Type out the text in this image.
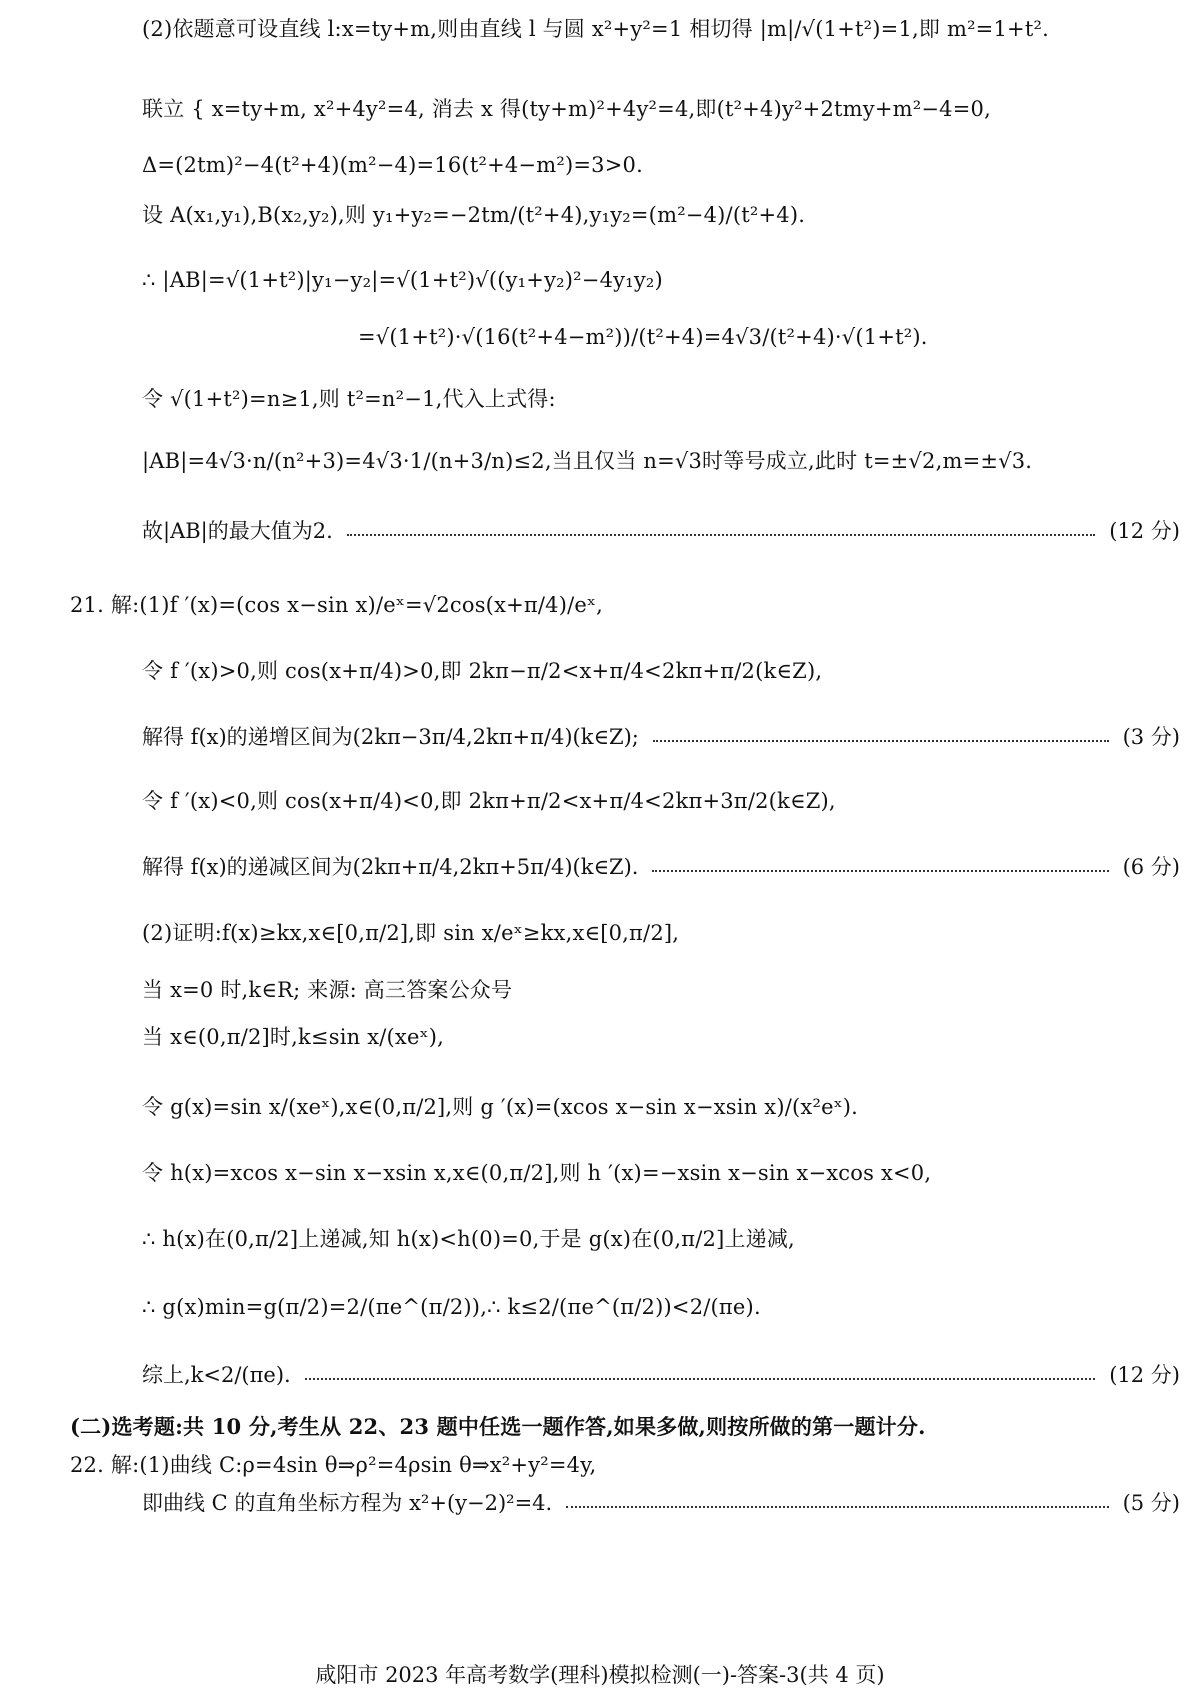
(2)依题意可设直线 l:x=ty+m,则由直线 l 与圆 x²+y²=1 相切得 |m|/√(1+t²)=1,即 m²=1+t².
联立 { x=ty+m, x²+4y²=4, 消去 x 得(ty+m)²+4y²=4,即(t²+4)y²+2tmy+m²−4=0,
Δ=(2tm)²−4(t²+4)(m²−4)=16(t²+4−m²)=3>0.
设 A(x₁,y₁),B(x₂,y₂),则 y₁+y₂=−2tm/(t²+4),y₁y₂=(m²−4)/(t²+4).
∴ |AB|=√(1+t²)|y₁−y₂|=√(1+t²)√((y₁+y₂)²−4y₁y₂)
=√(1+t²)·√(16(t²+4−m²))/(t²+4)=4√3/(t²+4)·√(1+t²).
令 √(1+t²)=n≥1,则 t²=n²−1,代入上式得:
|AB|=4√3·n/(n²+3)=4√3·1/(n+3/n)≤2,当且仅当 n=√3时等号成立,此时 t=±√2,m=±√3.
故|AB|的最大值为2.	(12 分)
21. 解:(1)f ′(x)=(cos x−sin x)/eˣ=√2cos(x+π/4)/eˣ,
令 f ′(x)>0,则 cos(x+π/4)>0,即 2kπ−π/2<x+π/4<2kπ+π/2(k∈Z),
解得 f(x)的递增区间为(2kπ−3π/4,2kπ+π/4)(k∈Z);	(3 分)
令 f ′(x)<0,则 cos(x+π/4)<0,即 2kπ+π/2<x+π/4<2kπ+3π/2(k∈Z),
解得 f(x)的递减区间为(2kπ+π/4,2kπ+5π/4)(k∈Z).	(6 分)
(2)证明:f(x)≥kx,x∈[0,π/2],即 sin x/eˣ≥kx,x∈[0,π/2],
当 x=0 时,k∈R; 来源: 高三答案公众号
当 x∈(0,π/2]时,k≤sin x/(xeˣ),
令 g(x)=sin x/(xeˣ),x∈(0,π/2],则 g ′(x)=(xcos x−sin x−xsin x)/(x²eˣ).
令 h(x)=xcos x−sin x−xsin x,x∈(0,π/2],则 h ′(x)=−xsin x−sin x−xcos x<0,
∴ h(x)在(0,π/2]上递减,知 h(x)<h(0)=0,于是 g(x)在(0,π/2]上递减,
∴ g(x)min=g(π/2)=2/(πe^(π/2)),∴ k≤2/(πe^(π/2))<2/(πe).
综上,k<2/(πe).	(12 分)
(二)选考题:共 10 分,考生从 22、23 题中任选一题作答,如果多做,则按所做的第一题计分.
22. 解:(1)曲线 C:ρ=4sin θ⇒ρ²=4ρsin θ⇒x²+y²=4y,
即曲线 C 的直角坐标方程为 x²+(y−2)²=4.	(5 分)
咸阳市 2023 年高考数学(理科)模拟检测(一)-答案-3(共 4 页)
